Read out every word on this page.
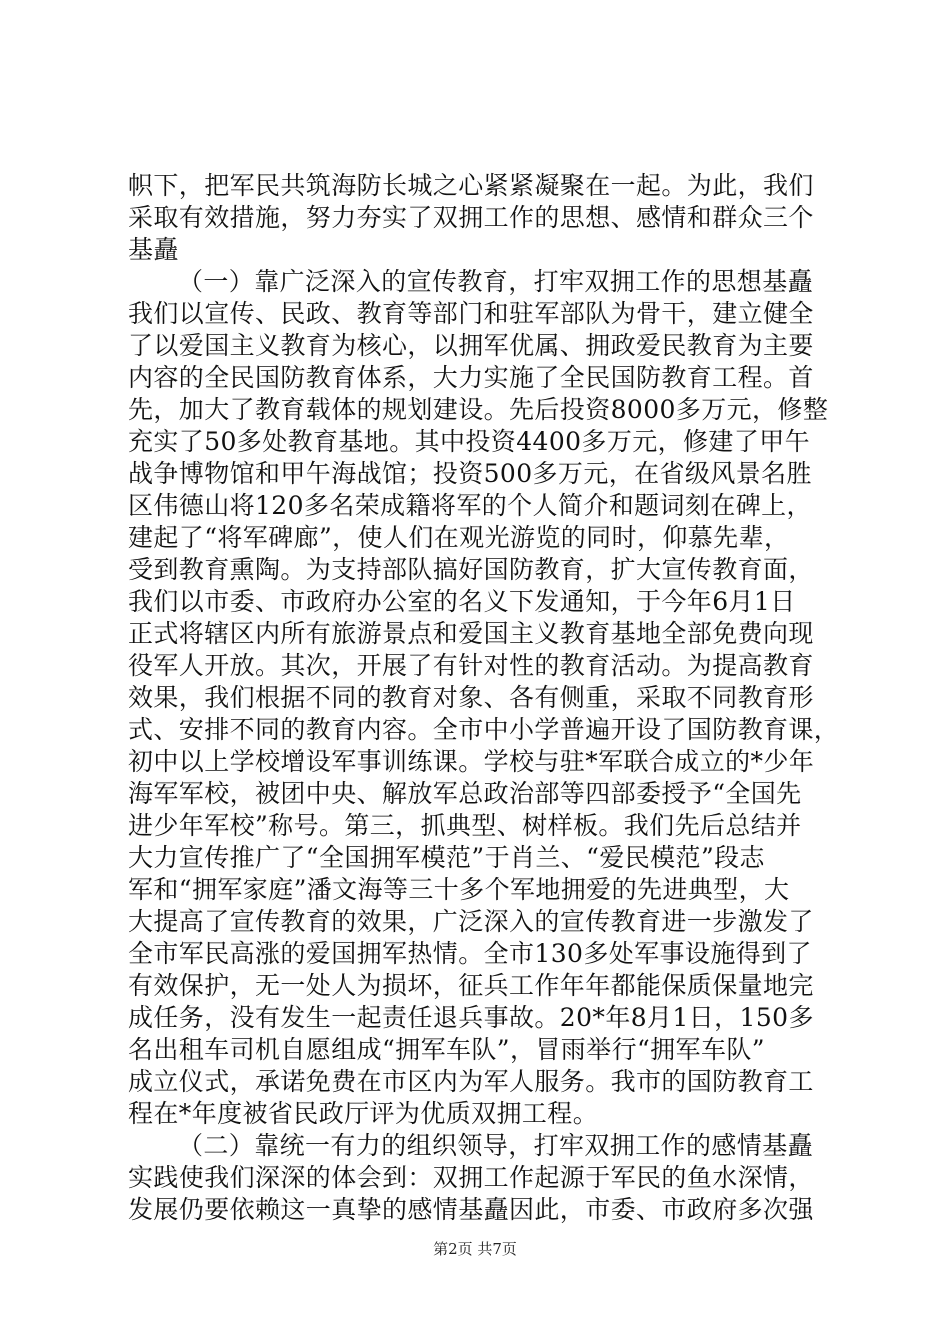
帜下，把军民共筑海防长城之心紧紧凝聚在一起。为此，我们
采取有效措施，努力夯实了双拥工作的思想、感情和群众三个
基矗
（一）靠广泛深入的宣传教育，打牢双拥工作的思想基矗
我们以宣传、民政、教育等部门和驻军部队为骨干，建立健全
了以爱国主义教育为核心，以拥军优属、拥政爱民教育为主要
内容的全民国防教育体系，大力实施了全民国防教育工程。首
先，加大了教育载体的规划建设。先后投资8000多万元，修整
充实了50多处教育基地。其中投资4400多万元，修建了甲午
战争博物馆和甲午海战馆；投资500多万元，在省级风景名胜
区伟德山将120多名荣成籍将军的个人简介和题词刻在碑上，
建起了“将军碑廊”，使人们在观光游览的同时，仰慕先辈，
受到教育熏陶。为支持部队搞好国防教育，扩大宣传教育面，
我们以市委、市政府办公室的名义下发通知，于今年6月1日
正式将辖区内所有旅游景点和爱国主义教育基地全部免费向现
役军人开放。其次，开展了有针对性的教育活动。为提高教育
效果，我们根据不同的教育对象、各有侧重，采取不同教育形
式、安排不同的教育内容。全市中小学普遍开设了国防教育课，
初中以上学校增设军事训练课。学校与驻*军联合成立的*少年
海军军校，被团中央、解放军总政治部等四部委授予“全国先
进少年军校”称号。第三，抓典型、树样板。我们先后总结并
大力宣传推广了“全国拥军模范”于肖兰、“爱民模范”段志
军和“拥军家庭”潘文海等三十多个军地拥爱的先进典型，大
大提高了宣传教育的效果，广泛深入的宣传教育进一步激发了
全市军民高涨的爱国拥军热情。全市130多处军事设施得到了
有效保护，无一处人为损坏，征兵工作年年都能保质保量地完
成任务，没有发生一起责任退兵事故。20*年8月1日，150多
名出租车司机自愿组成“拥军车队”，冒雨举行“拥军车队”
成立仪式，承诺免费在市区内为军人服务。我市的国防教育工
程在*年度被省民政厅评为优质双拥工程。
（二）靠统一有力的组织领导，打牢双拥工作的感情基矗
实践使我们深深的体会到：双拥工作起源于军民的鱼水深情，
发展仍要依赖这一真挚的感情基矗因此，市委、市政府多次强
第2页 共7页
